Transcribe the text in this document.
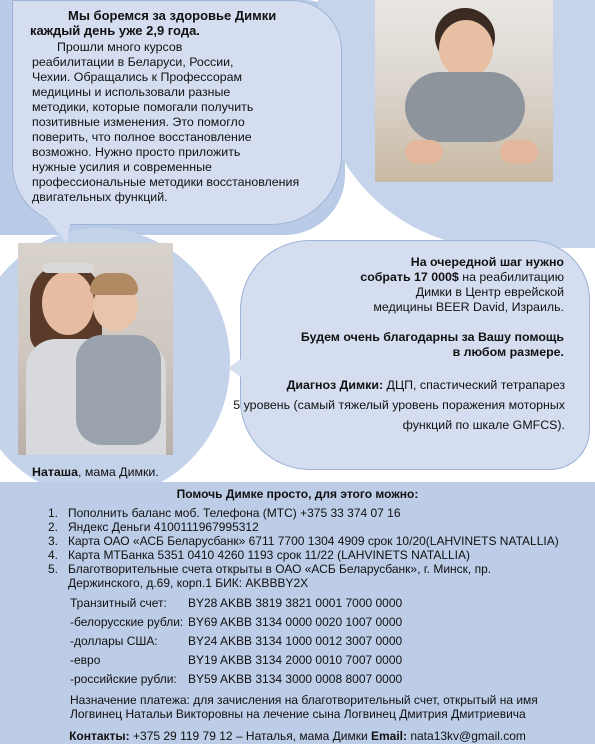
Мы боремся за здоровье Димки
каждый день уже 2,9 года.
Прошли много курсов
реабилитации в Беларуси, России,
Чехии. Обращались к Профессорам
медицины и использовали разные
методики, которые помогали получить
позитивные изменения. Это помогло
поверить, что полное восстановление
возможно. Нужно просто приложить
нужные усилия и современные
профессиональные методики восстановления
двигательных функций.
На очередной шаг нужно
собрать 17 000$ на реабилитацию
Димки в Центр еврейской
медицины BEER David, Израиль.
Будем очень благодарны за Вашу помощь
в любом размере.
Диагноз Димки: ДЦП, спастический тетрапарез
5 уровень (самый тяжелый уровень поражения моторных
функций по шкале GMFCS).
Наташа, мама Димки.
Помочь Димке просто, для этого можно:
1. Пополнить баланс моб. Телефона (МТС) +375 33 374 07 16
2. Яндекс Деньги 4100111967995312
3. Карта ОАО «АСБ Беларусбанк» 6711 7700 1304 4909 срок 10/20(LAHVINETS NATALLIA)
4. Карта МТБанка 5351 0410 4260 1193 срок 11/22 (LAHVINETS NATALLIA)
5. Благотворительные счета открыты в ОАО «АСБ Беларусбанк», г. Минск, пр. Держинского, д.69, корп.1 БИК: AKBBBY2X
Транзитный счет: BY28 AKBB 3819 3821 0001 7000 0000
-белорусские рубли: BY69 AKBB 3134 0000 0020 1007 0000
-доллары США:	BY24 AKBB 3134 1000 0012 3007 0000
-евро	BY19 AKBB 3134 2000 0010 7007 0000
-российские рубли: BY59 AKBB 3134 3000 0008 8007 0000
Назначение платежа: для зачисления на благотворительный счет, открытый на имя Логвинец Натальи Викторовны на лечение сына Логвинец Дмитрия Дмитриевича
Контакты: +375 29 119 79 12 – Наталья, мама Димки Email: nata13kv@gmail.com
